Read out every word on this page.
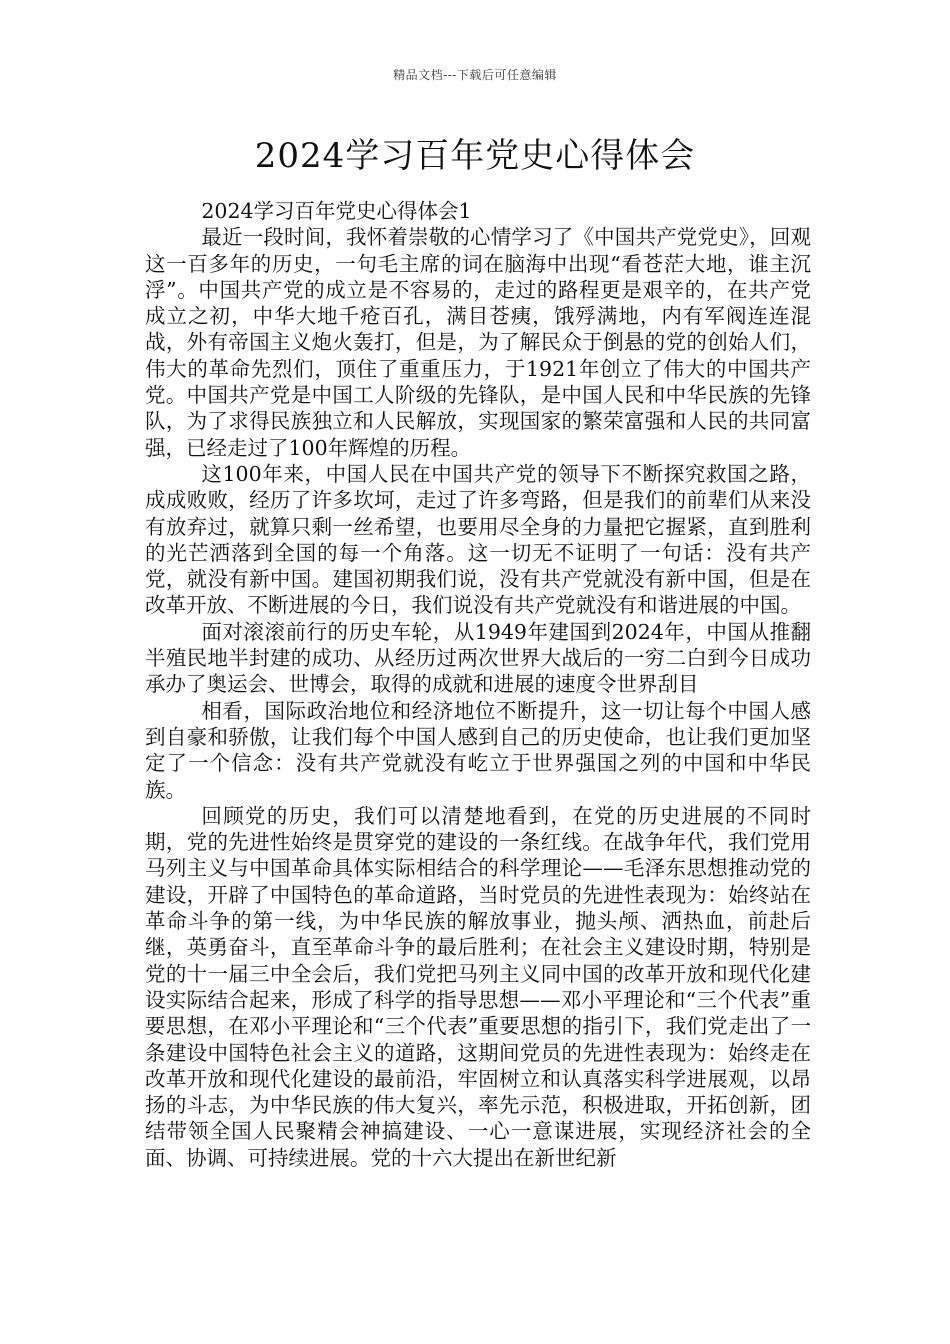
精品文档---下载后可任意编辑
2024学习百年党史心得体会

2024学习百年党史心得体会1

最近一段时间，我怀着崇敬的心情学习了《中国共产党党史》，回观这一百多年的历史，一句毛主席的词在脑海中出现“看苍茫大地，谁主沉浮”。中国共产党的成立是不容易的，走过的路程更是艰辛的，在共产党成立之初，中华大地千疮百孔，满目苍痍，饿殍满地，内有军阀连连混战，外有帝国主义炮火轰打，但是，为了解民众于倒悬的党的创始人们，伟大的革命先烈们，顶住了重重压力，于1921年创立了伟大的中国共产党。中国共产党是中国工人阶级的先锋队，是中国人民和中华民族的先锋队，为了求得民族独立和人民解放，实现国家的繁荣富强和人民的共同富强，已经走过了100年辉煌的历程。

这100年来，中国人民在中国共产党的领导下不断探究救国之路，成成败败，经历了许多坎坷，走过了许多弯路，但是我们的前辈们从来没有放弃过，就算只剩一丝希望，也要用尽全身的力量把它握紧，直到胜利的光芒洒落到全国的每一个角落。这一切无不证明了一句话：没有共产党，就没有新中国。建国初期我们说，没有共产党就没有新中国，但是在改革开放、不断进展的今日，我们说没有共产党就没有和谐进展的中国。

面对滚滚前行的历史车轮，从1949年建国到2024年，中国从推翻半殖民地半封建的成功、从经历过两次世界大战后的一穷二白到今日成功承办了奥运会、世博会，取得的成就和进展的速度令世界刮目

相看，国际政治地位和经济地位不断提升，这一切让每个中国人感到自豪和骄傲，让我们每个中国人感到自己的历史使命，也让我们更加坚定了一个信念：没有共产党就没有屹立于世界强国之列的中国和中华民族。

回顾党的历史，我们可以清楚地看到，在党的历史进展的不同时期，党的先进性始终是贯穿党的建设的一条红线。在战争年代，我们党用马列主义与中国革命具体实际相结合的科学理论——毛泽东思想推动党的建设，开辟了中国特色的革命道路，当时党员的先进性表现为：始终站在革命斗争的第一线，为中华民族的解放事业，抛头颅、洒热血，前赴后继，英勇奋斗，直至革命斗争的最后胜利；在社会主义建设时期，特别是党的十一届三中全会后，我们党把马列主义同中国的改革开放和现代化建设实际结合起来，形成了科学的指导思想——邓小平理论和“三个代表”重要思想，在邓小平理论和“三个代表”重要思想的指引下，我们党走出了一条建设中国特色社会主义的道路，这期间党员的先进性表现为：始终走在改革开放和现代化建设的最前沿，牢固树立和认真落实科学进展观，以昂扬的斗志，为中华民族的伟大复兴，率先示范，积极进取，开拓创新，团结带领全国人民聚精会神搞建设、一心一意谋进展，实现经济社会的全面、协调、可持续进展。党的十六大提出在新世纪新
